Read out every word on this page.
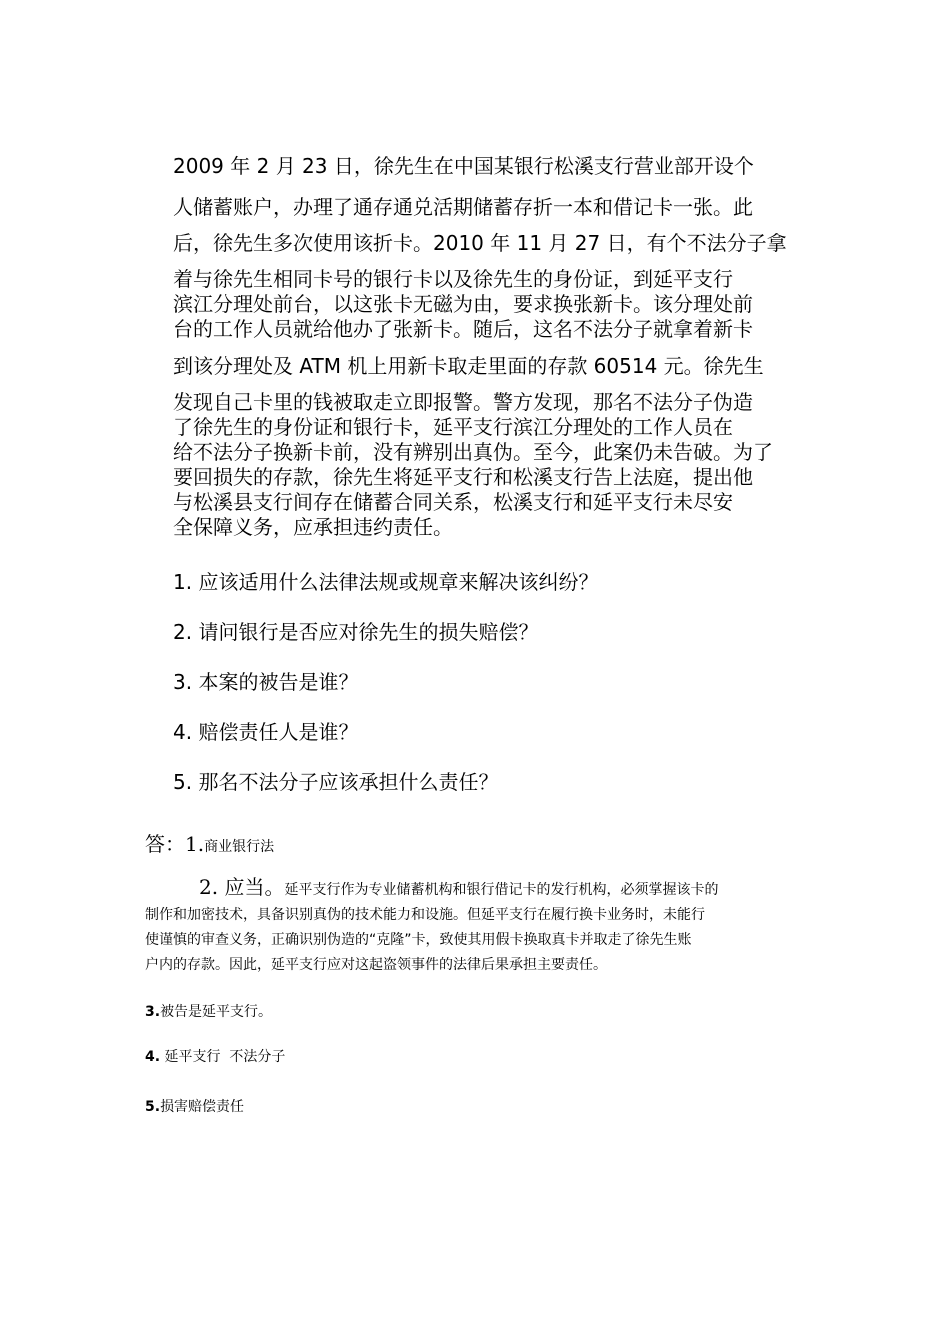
2009 年 2 月 23 日，徐先生在中国某银行松溪支行营业部开设个
人储蓄账户，办理了通存通兑活期储蓄存折一本和借记卡一张。此
后，徐先生多次使用该折卡。2010 年 11 月 27 日，有个不法分子拿
着与徐先生相同卡号的银行卡以及徐先生的身份证，到延平支行
滨江分理处前台，以这张卡无磁为由，要求换张新卡。该分理处前
台的工作人员就给他办了张新卡。随后，这名不法分子就拿着新卡
到该分理处及 ATM 机上用新卡取走里面的存款 60514 元。徐先生
发现自己卡里的钱被取走立即报警。警方发现，那名不法分子伪造
了徐先生的身份证和银行卡，延平支行滨江分理处的工作人员在
给不法分子换新卡前，没有辨别出真伪。至今，此案仍未告破。为了
要回损失的存款，徐先生将延平支行和松溪支行告上法庭，提出他
与松溪县支行间存在储蓄合同关系，松溪支行和延平支行未尽安
全保障义务，应承担违约责任。
1. 应该适用什么法律法规或规章来解决该纠纷？
2. 请问银行是否应对徐先生的损失赔偿？
3. 本案的被告是谁？
4. 赔偿责任人是谁？
5. 那名不法分子应该承担什么责任？
答：1.商业银行法
2. 应当。延平支行作为专业储蓄机构和银行借记卡的发行机构，必须掌握该卡的
制作和加密技术，具备识别真伪的技术能力和设施。但延平支行在履行换卡业务时，未能行
使谨慎的审查义务，正确识别伪造的“克隆”卡，致使其用假卡换取真卡并取走了徐先生账
户内的存款。因此，延平支行应对这起盗领事件的法律后果承担主要责任。
3.被告是延平支行。
4. 延平支行  不法分子
5.损害赔偿责任
